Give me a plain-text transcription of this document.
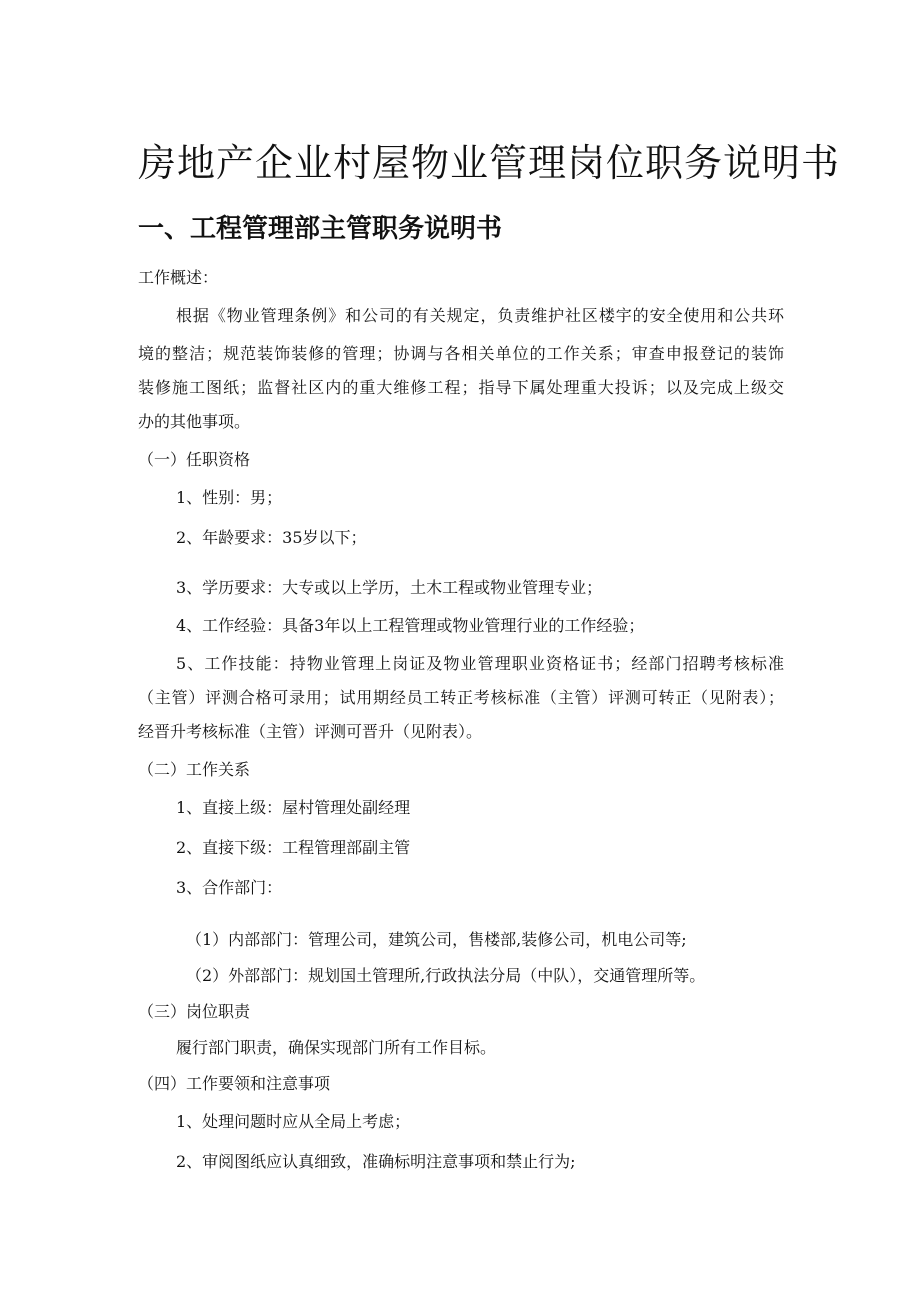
房地产企业村屋物业管理岗位职务说明书
一、工程管理部主管职务说明书
工作概述：
根据《物业管理条例》和公司的有关规定，负责维护社区楼宇的安全使用和公共环
境的整洁；规范装饰装修的管理；协调与各相关单位的工作关系；审查申报登记的装饰
装修施工图纸；监督社区内的重大维修工程；指导下属处理重大投诉；以及完成上级交
办的其他事项。
（一）任职资格
1、性别：男；
2、年龄要求：35岁以下；
3、学历要求：大专或以上学历，土木工程或物业管理专业；
4、工作经验：具备3年以上工程管理或物业管理行业的工作经验；
5、工作技能：持物业管理上岗证及物业管理职业资格证书；经部门招聘考核标准
（主管）评测合格可录用；试用期经员工转正考核标准（主管）评测可转正（见附表）；
经晋升考核标准（主管）评测可晋升（见附表）。
（二）工作关系
1、直接上级：屋村管理处副经理
2、直接下级：工程管理部副主管
3、合作部门：
（1）内部部门：管理公司，建筑公司，售楼部,装修公司，机电公司等;
（2）外部部门：规划国土管理所,行政执法分局（中队），交通管理所等。
（三）岗位职责
履行部门职责，确保实现部门所有工作目标。
（四）工作要领和注意事项
1、处理问题时应从全局上考虑；
2、审阅图纸应认真细致，准确标明注意事项和禁止行为;
